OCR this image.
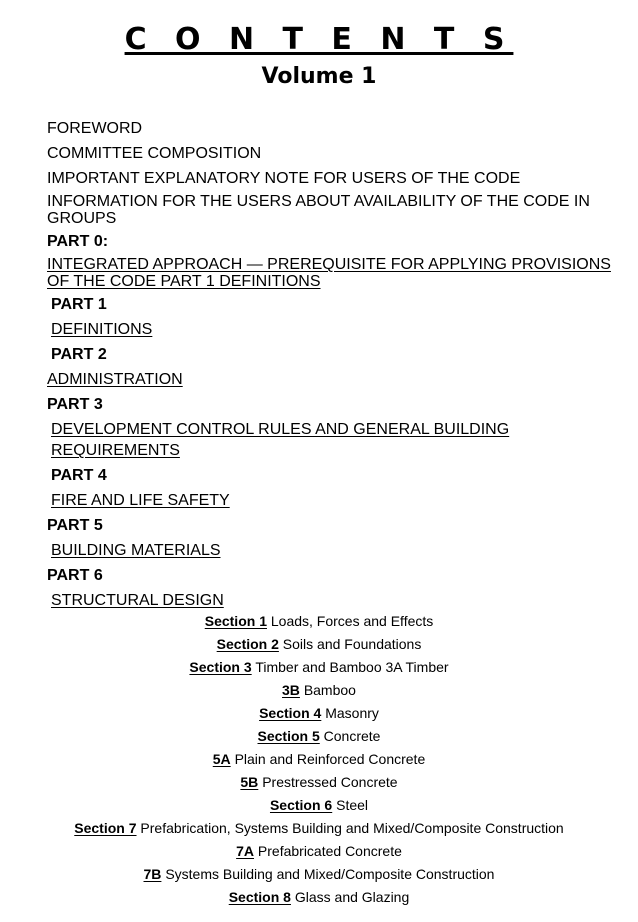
C O N T E N T S
Volume 1
FOREWORD
COMMITTEE COMPOSITION
IMPORTANT EXPLANATORY NOTE FOR USERS OF THE CODE
INFORMATION FOR THE USERS ABOUT AVAILABILITY OF THE CODE IN GROUPS
PART 0:
INTEGRATED APPROACH — PREREQUISITE FOR APPLYING PROVISIONS OF THE CODE PART 1 DEFINITIONS
PART 1
DEFINITIONS
PART 2
ADMINISTRATION
PART 3
DEVELOPMENT CONTROL RULES AND GENERAL BUILDING REQUIREMENTS
PART 4
FIRE AND LIFE SAFETY
PART 5
BUILDING MATERIALS
PART 6
STRUCTURAL DESIGN
Section 1 Loads, Forces and Effects
Section 2 Soils and Foundations
Section 3 Timber and Bamboo 3A Timber
3B Bamboo
Section 4 Masonry
Section 5 Concrete
5A Plain and Reinforced Concrete
5B Prestressed Concrete
Section 6 Steel
Section 7 Prefabrication, Systems Building and Mixed/Composite Construction
7A Prefabricated Concrete
7B Systems Building and Mixed/Composite Construction
Section 8 Glass and Glazing
